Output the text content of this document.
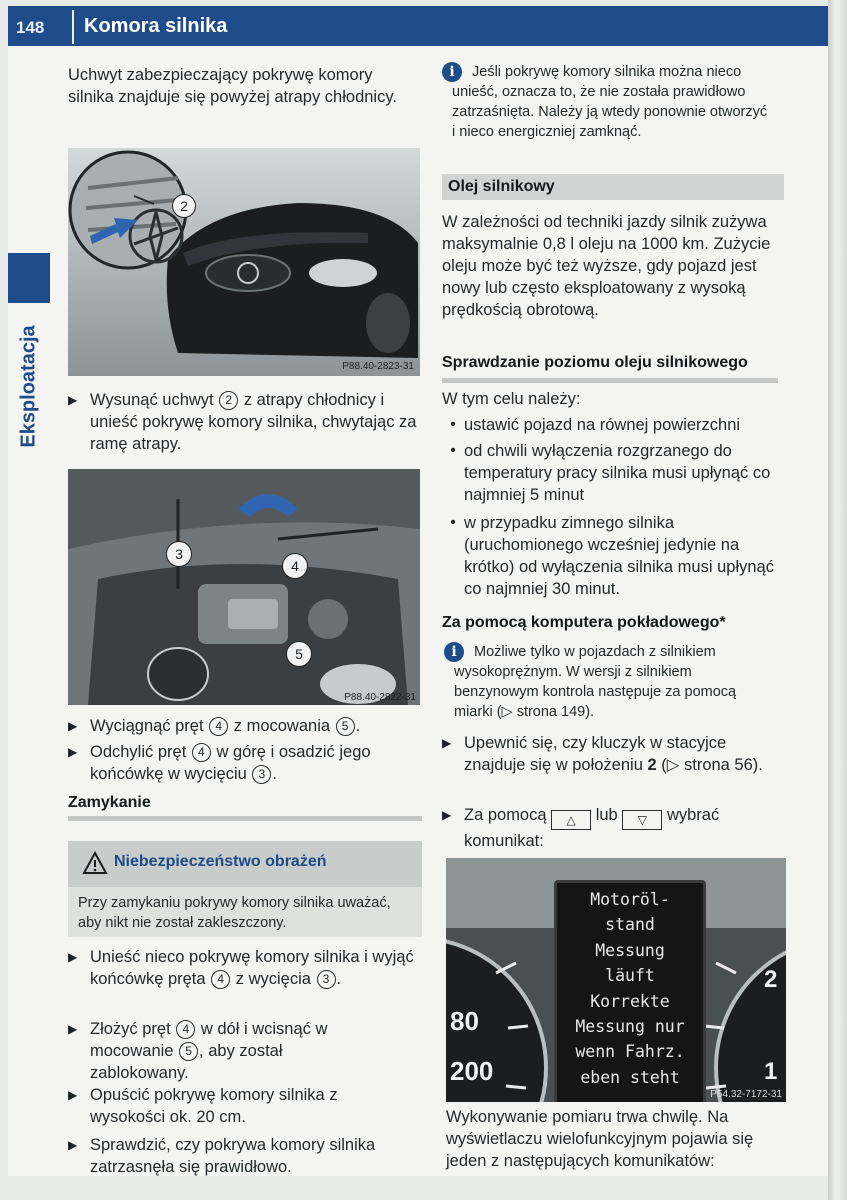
148	Komora silnika
Eksploatacja
Uchwyt zabezpieczający pokrywę komory silnika znajduje się powyżej atrapy chłodnicy.
2
P88.40-2823-31
▶ Wysunąć uchwyt 2 z atrapy chłodnicy i unieść pokrywę komory silnika, chwytając za ramę atrapy.
3
4
5
P88.40-2822-31
▶ Wyciągnąć pręt 4 z mocowania 5 .
▶ Odchylić pręt 4 w górę i osadzić jego końcówkę w wycięciu 3 .
Zamykanie
Niebezpieczeństwo obrażeń
Przy zamykaniu pokrywy komory silnika uważać, aby nikt nie został zakleszczony.
▶ Unieść nieco pokrywę komory silnika i wyjąć końcówkę pręta 4 z wycięcia 3 .
▶ Złożyć pręt 4 w dół i wcisnąć w mocowanie 5 , aby został zablokowany.
▶ Opuścić pokrywę komory silnika z wysokości ok. 20 cm.
▶ Sprawdzić, czy pokrywa komory silnika zatrzasnęła się prawidłowo.
i	Jeśli pokrywę komory silnika można nieco unieść, oznacza to, że nie została prawidłowo zatrzaśnięta. Należy ją wtedy ponownie otworzyć i nieco energiczniej zamknąć.
Olej silnikowy
W zależności od techniki jazdy silnik zużywa maksymalnie 0,8 l oleju na 1000 km. Zużycie oleju może być też wyższe, gdy pojazd jest nowy lub często eksploatowany z wysoką prędkością obrotową.
Sprawdzanie poziomu oleju silnikowego
W tym celu należy:
• ustawić pojazd na równej powierzchni
• od chwili wyłączenia rozgrzanego do temperatury pracy silnika musi upłynąć co najmniej 5 minut
• w przypadku zimnego silnika (uruchomionego wcześniej jedynie na krótko) od wyłączenia silnika musi upłynąć co najmniej 30 minut.
Za pomocą komputera pokładowego*
i	Możliwe tylko w pojazdach z silnikiem wysokoprężnym. W wersji z silnikiem benzynowym kontrola następuje za pomocą miarki (▷ strona 149).
▶ Upewnić się, czy kluczyk w stacyjce znajduje się w położeniu 2 (▷ strona 56).
▶ Za pomocą △ lub ▽ wybrać komunikat:
80
200
2
1
Motoröl-
stand
Messung
läuft
Korrekte
Messung nur
wenn Fahrz.
eben steht
P54.32-7172-31
Wykonywanie pomiaru trwa chwilę. Na wyświetlaczu wielofunkcyjnym pojawia się jeden z następujących komunikatów:
